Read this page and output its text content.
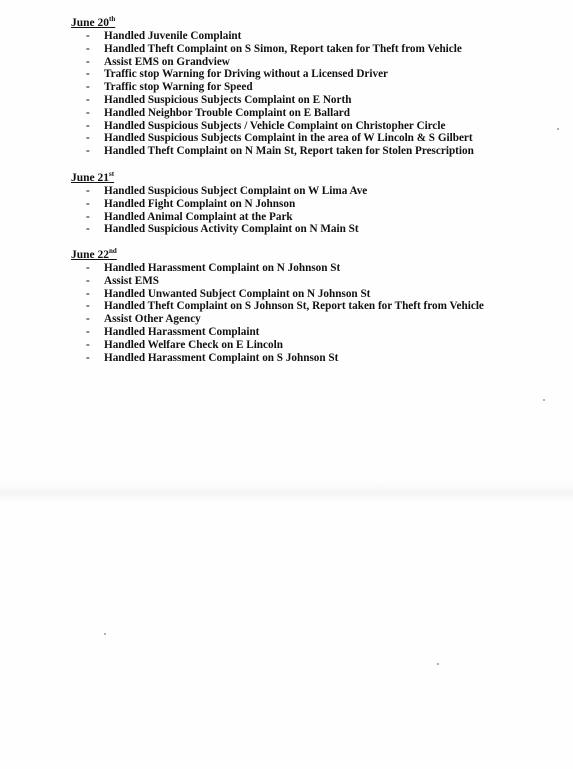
June 20th
- Handled Juvenile Complaint
- Handled Theft Complaint on S Simon, Report taken for Theft from Vehicle
- Assist EMS on Grandview
- Traffic stop Warning for Driving without a Licensed Driver
- Traffic stop Warning for Speed
- Handled Suspicious Subjects Complaint on E North
- Handled Neighbor Trouble Complaint on E Ballard
- Handled Suspicious Subjects / Vehicle Complaint on Christopher Circle
- Handled Suspicious Subjects Complaint in the area of W Lincoln & S Gilbert
- Handled Theft Complaint on N Main St, Report taken for Stolen Prescription
June 21st
- Handled Suspicious Subject Complaint on W Lima Ave
- Handled Fight Complaint on N Johnson
- Handled Animal Complaint at the Park
- Handled Suspicious Activity Complaint on N Main St
June 22nd
- Handled Harassment Complaint on N Johnson St
- Assist EMS
- Handled Unwanted Subject Complaint on N Johnson St
- Handled Theft Complaint on S Johnson St, Report taken for Theft from Vehicle
- Assist Other Agency
- Handled Harassment Complaint
- Handled Welfare Check on E Lincoln
- Handled Harassment Complaint on S Johnson St
